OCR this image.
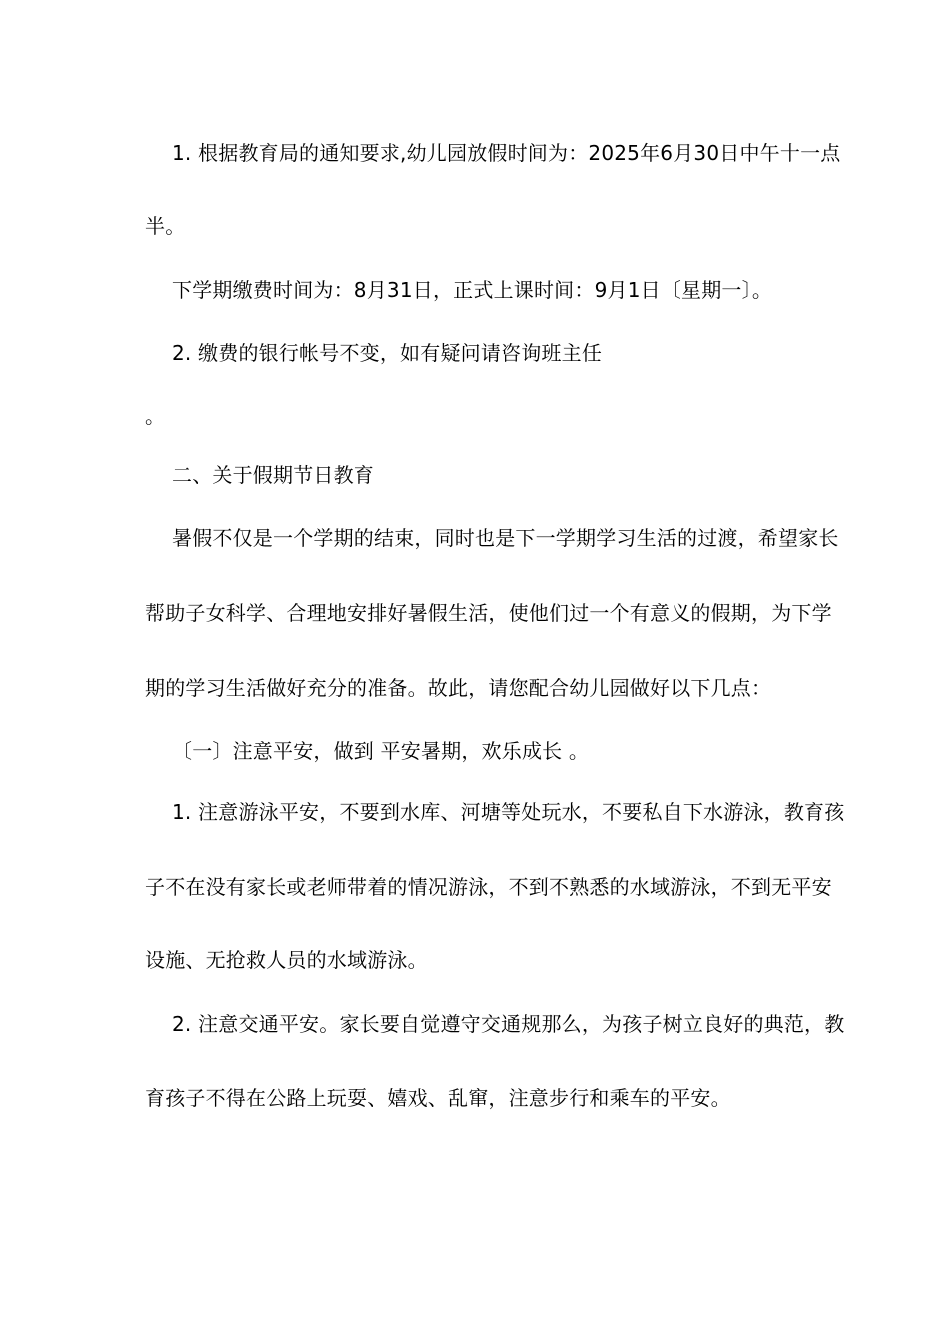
1. 根据教育局的通知要求,幼儿园放假时间为：2025年6月30日中午十一点
半。
下学期缴费时间为：8月31日，正式上课时间：9月1日〔星期一〕。
2. 缴费的银行帐号不变，如有疑问请咨询班主任
。
二、关于假期节日教育
暑假不仅是一个学期的结束，同时也是下一学期学习生活的过渡，希望家长
帮助子女科学、合理地安排好暑假生活，使他们过一个有意义的假期，为下学
期的学习生活做好充分的准备。故此，请您配合幼儿园做好以下几点：
〔一〕注意平安，做到 平安暑期，欢乐成长 。
1. 注意游泳平安，不要到水库、河塘等处玩水，不要私自下水游泳，教育孩
子不在没有家长或老师带着的情况游泳，不到不熟悉的水域游泳，不到无平安
设施、无抢救人员的水域游泳。
2. 注意交通平安。家长要自觉遵守交通规那么，为孩子树立良好的典范，教
育孩子不得在公路上玩耍、嬉戏、乱窜，注意步行和乘车的平安。
